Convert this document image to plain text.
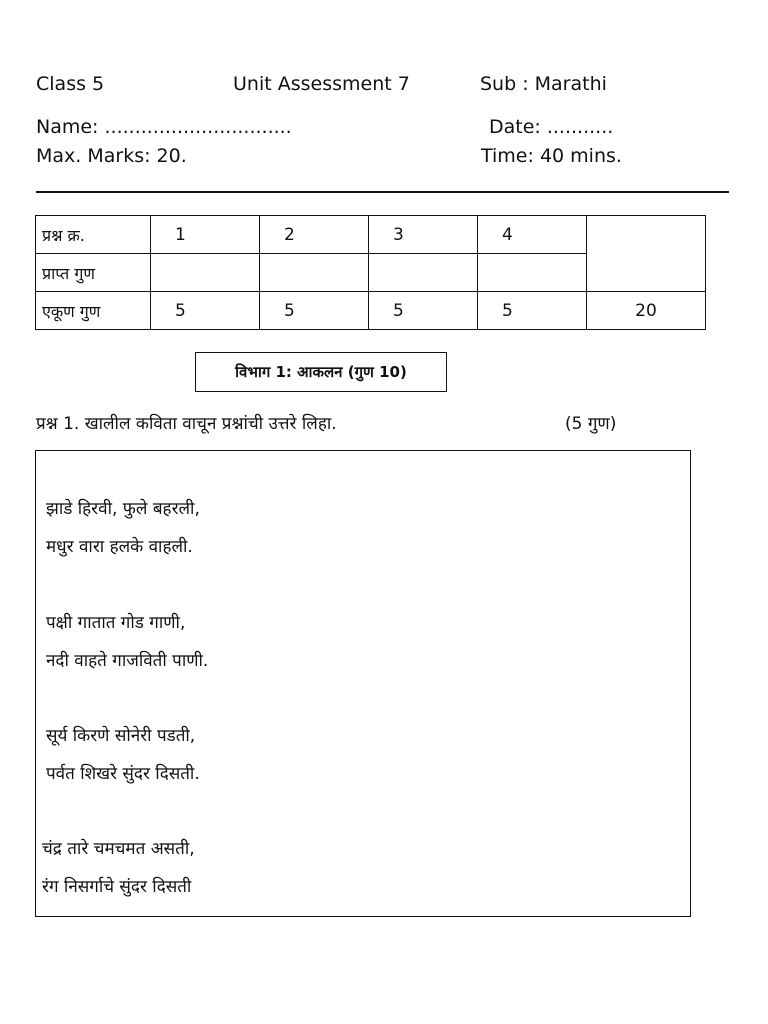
Class 5	Unit Assessment 7	Sub : Marathi
Name: ...............................	Date: ...........
Max. Marks: 20.	Time: 40 mins.
प्रश्न क्र.	1	2	3	4	
प्राप्त गुण					
एकूण गुण	5	5	5	5	20
विभाग 1: आकलन (गुण 10)
प्रश्न 1. खालील कविता वाचून प्रश्नांची उत्तरे लिहा.	(5 गुण)
झाडे हिरवी, फुले बहरली,
मधुर वारा हलके वाहली.
पक्षी गातात गोड गाणी,
नदी वाहते गाजविती पाणी.
सूर्य किरणे सोनेरी पडती,
पर्वत शिखरे सुंदर दिसती.
चंद्र तारे चमचमत असती,
रंग निसर्गाचे सुंदर दिसती
